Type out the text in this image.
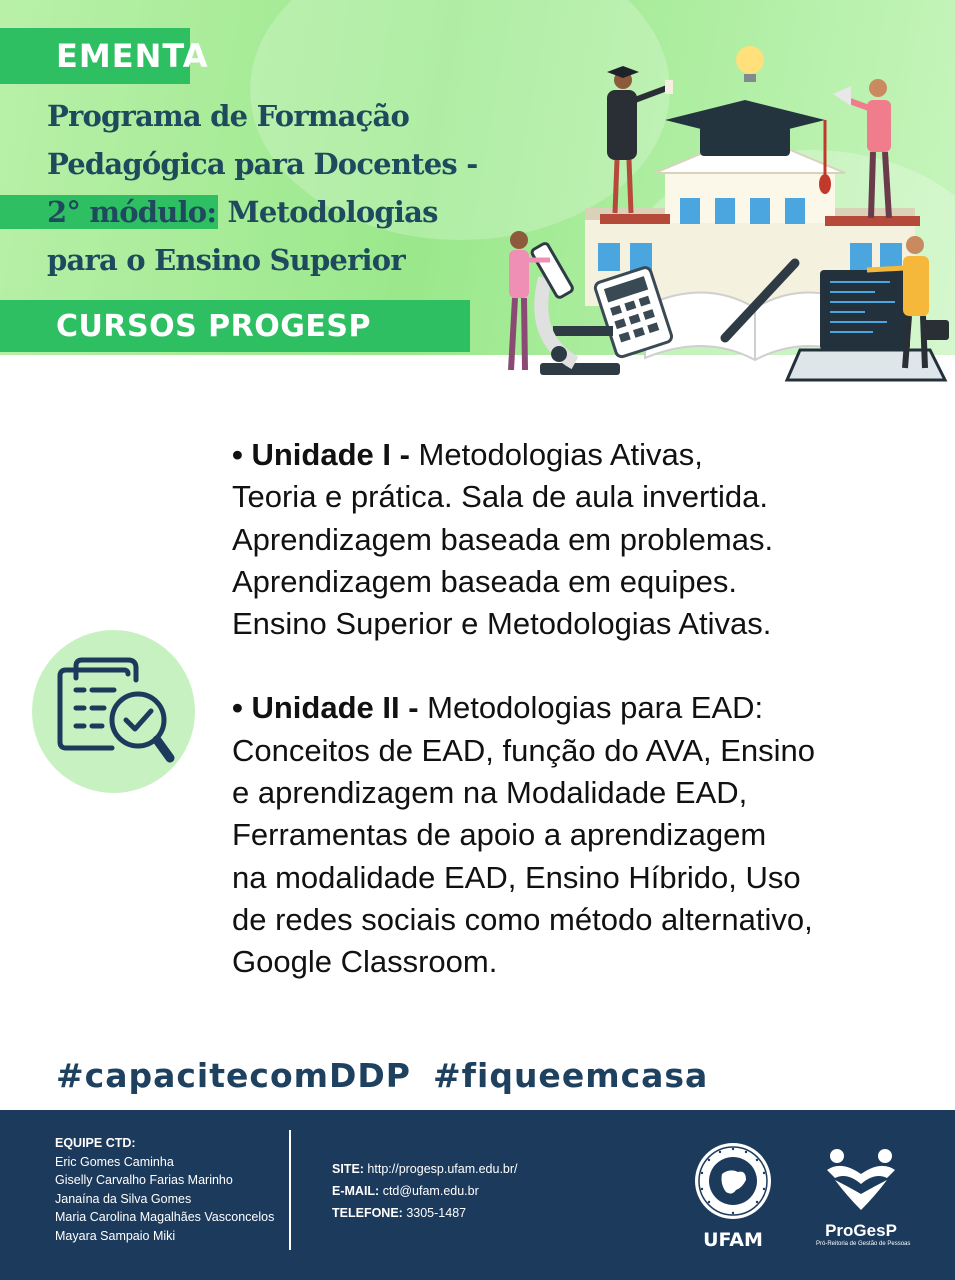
EMENTA
Programa de Formação
Pedagógica para Docentes -
2° módulo: Metodologias
para o Ensino Superior
CURSOS PROGESP
• Unidade I - Metodologias Ativas,
Teoria e prática. Sala de aula invertida.
Aprendizagem baseada em problemas.
Aprendizagem baseada em equipes.
Ensino Superior e Metodologias Ativas.
• Unidade II - Metodologias para EAD:
Conceitos de EAD, função do AVA, Ensino
e aprendizagem na Modalidade EAD,
Ferramentas de apoio a aprendizagem
na modalidade EAD, Ensino Híbrido, Uso
de redes sociais como método alternativo,
Google Classroom.
#capacitecomDDP #fiqueemcasa
EQUIPE CTD:
Eric Gomes Caminha
Giselly Carvalho Farias Marinho
Janaína da Silva Gomes
Maria Carolina Magalhães Vasconcelos
Mayara Sampaio Miki
SITE: http://progesp.ufam.edu.br/
E-MAIL: ctd@ufam.edu.br
TELEFONE: 3305-1487
UFAM	ProGesP
Pró-Reitoria de Gestão de Pessoas
